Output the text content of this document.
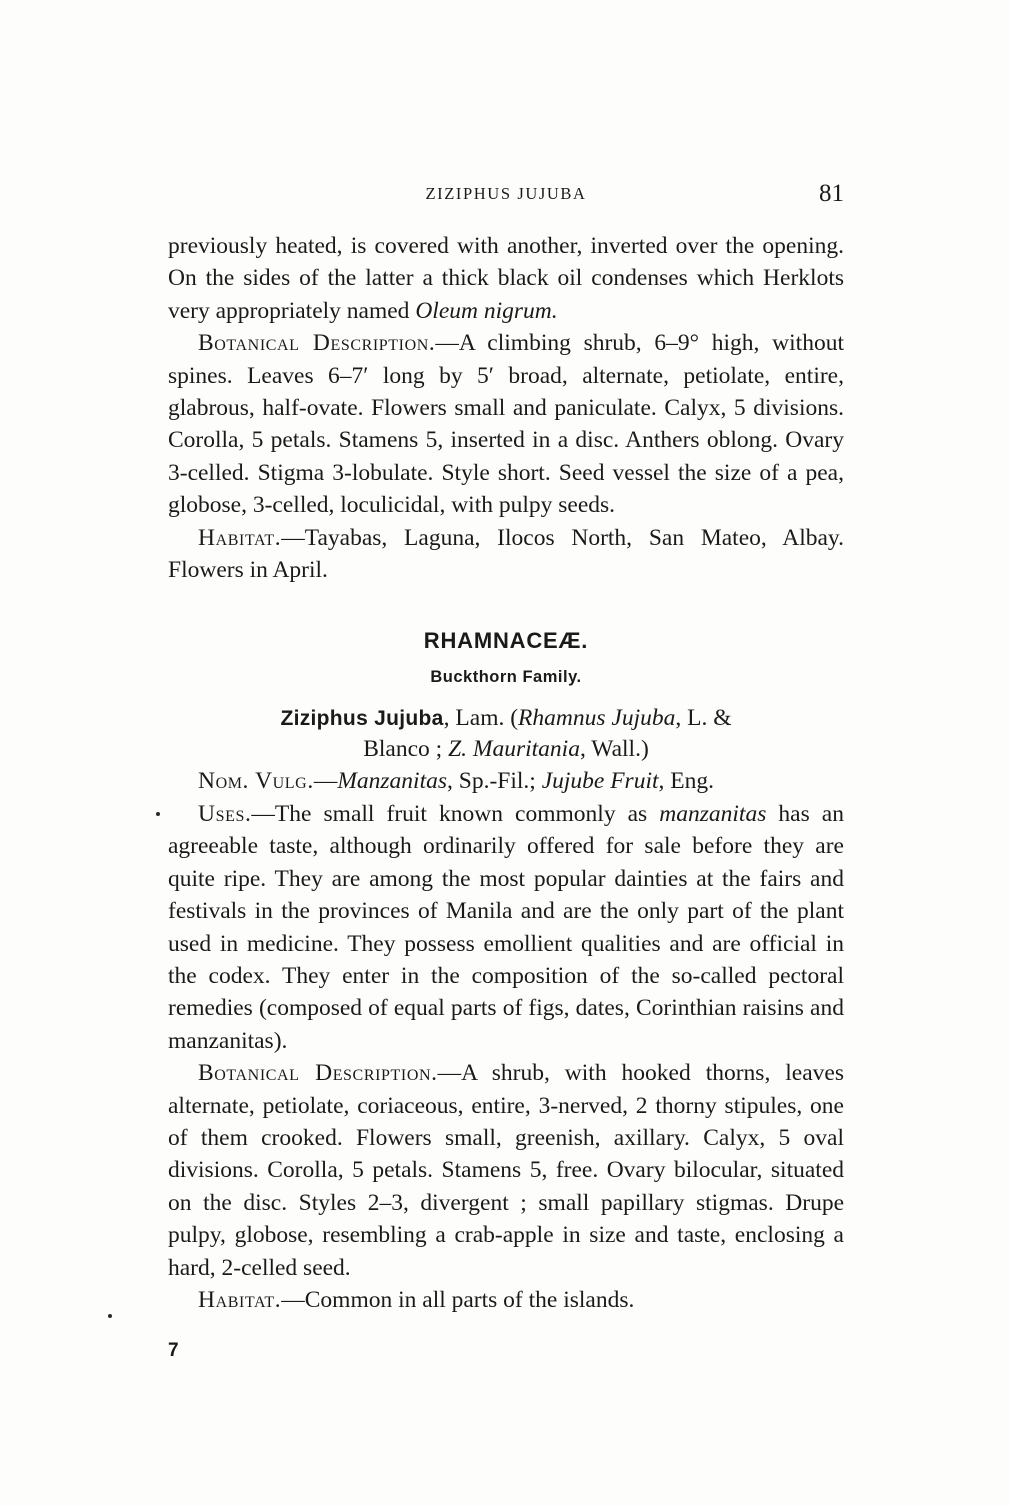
ZIZIPHUS JUJUBA	81

previously heated, is covered with another, inverted over the opening. On the sides of the latter a thick black oil condenses which Herklots very appropriately named Oleum nigrum.

Botanical Description.—A climbing shrub, 6–9° high, without spines. Leaves 6–7′ long by 5′ broad, alternate, petiolate, entire, glabrous, half-ovate. Flowers small and paniculate. Calyx, 5 divisions. Corolla, 5 petals. Stamens 5, inserted in a disc. Anthers oblong. Ovary 3-celled. Stigma 3-lobulate. Style short. Seed vessel the size of a pea, globose, 3-celled, loculicidal, with pulpy seeds.

Habitat.—Tayabas, Laguna, Ilocos North, San Mateo, Albay. Flowers in April.

RHAMNACEÆ.
Buckthorn Family.
Ziziphus Jujuba, Lam. (Rhamnus Jujuba, L. &
Blanco ; Z. Mauritania, Wall.)

Nom. Vulg.—Manzanitas, Sp.-Fil.; Jujube Fruit, Eng.

Uses.—The small fruit known commonly as manzanitas has an agreeable taste, although ordinarily offered for sale before they are quite ripe. They are among the most popular dainties at the fairs and festivals in the provinces of Manila and are the only part of the plant used in medicine. They possess emollient qualities and are official in the codex. They enter in the composition of the so-called pectoral remedies (composed of equal parts of figs, dates, Corinthian raisins and manzanitas).

Botanical Description.—A shrub, with hooked thorns, leaves alternate, petiolate, coriaceous, entire, 3-nerved, 2 thorny stipules, one of them crooked. Flowers small, greenish, axillary. Calyx, 5 oval divisions. Corolla, 5 petals. Stamens 5, free. Ovary bilocular, situated on the disc. Styles 2–3, divergent ; small papillary stigmas. Drupe pulpy, globose, resembling a crab-apple in size and taste, enclosing a hard, 2-celled seed.

Habitat.—Common in all parts of the islands.

7
